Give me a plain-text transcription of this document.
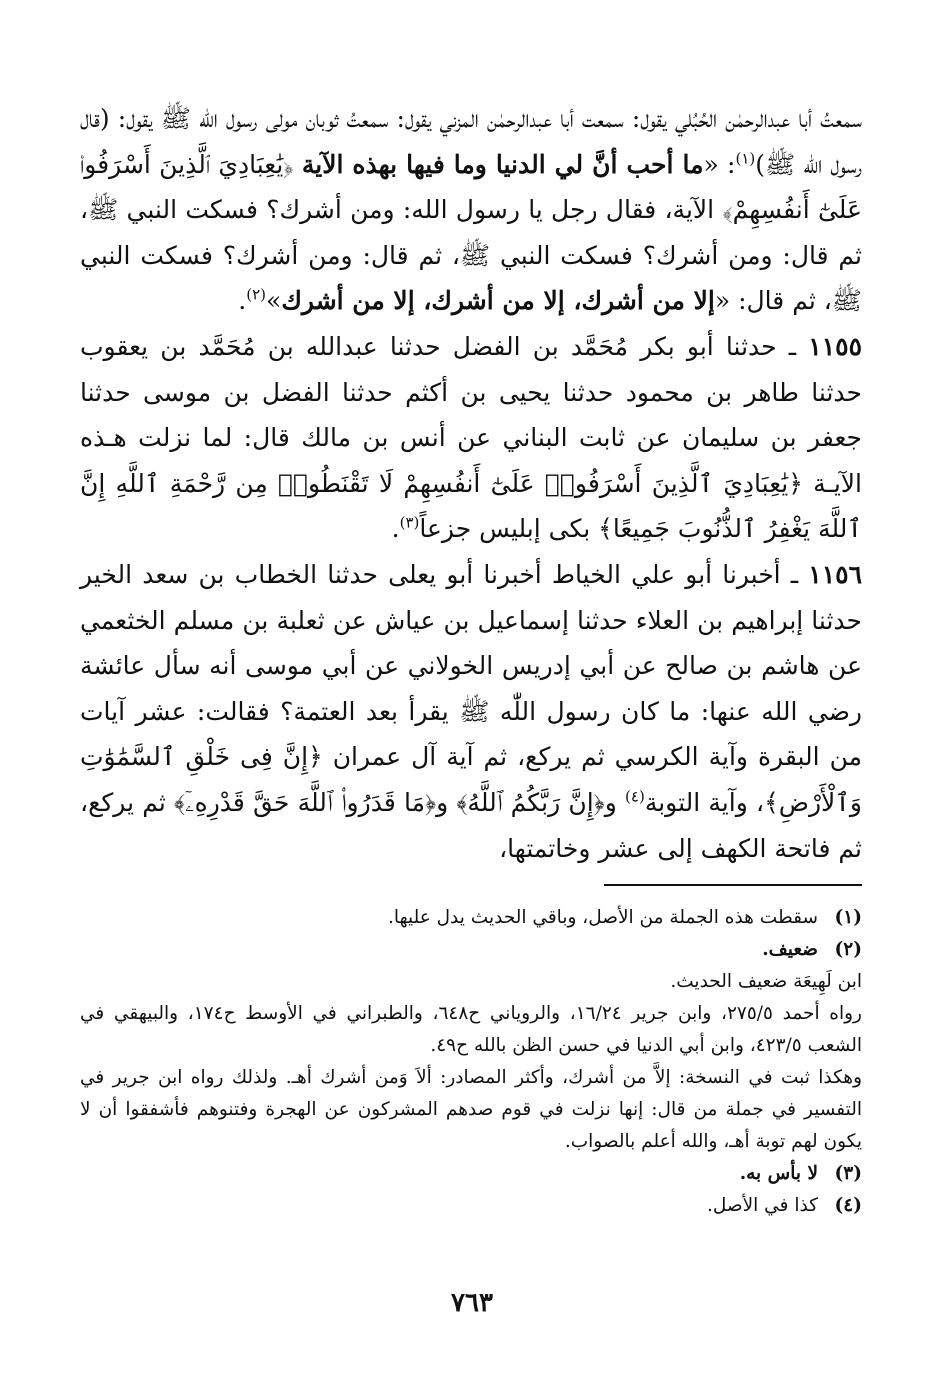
سمعتُ أبا عبدالرحمٰن الحُبُلي يقول: سمعت أبا عبدالرحمٰن المزني يقول: سمعتُ ثوبان مولى رسول اللّٰه ﷺ يقول: (قال رسول اللّٰه ﷺ)$^{(١)}$: «ما أحب أنَّ لي الدنيا وما فيها بهذه الآية ﴿يَٰعِبَادِيَ ٱلَّذِينَ أَسْرَفُوا۟ عَلَىٰٓ أَنفُسِهِمْ﴾ الآية، فقال رجل يا رسول الله: ومن أشرك؟ فسكت النبي ﷺ، ثم قال: ومن أشرك؟ فسكت النبي ﷺ، ثم قال: ومن أشرك؟ فسكت النبي ﷺ، ثم قال: «إلا من أشرك، إلا من أشرك، إلا من أشرك»$^{(٢)}$.

١١٥٥ ـ حدثنا أبو بكر مُحَمَّد بن الفضل حدثنا عبدالله بن مُحَمَّد بن يعقوب حدثنا طاهر بن محمود حدثنا يحيى بن أكثم حدثنا الفضل بن موسى حدثنا جعفر بن سليمان عن ثابت البناني عن أنس بن مالك قال: لما نزلت هـذه الآيـة ﴿يَٰعِبَادِيَ ٱلَّذِينَ أَسْرَفُوا۟ عَلَىٰٓ أَنفُسِهِمْ لَا تَقْنَطُوا۟ مِن رَّحْمَةِ ٱللَّهِ إِنَّ ٱللَّهَ يَغْفِرُ ٱلذُّنُوبَ جَمِيعًا﴾ بكى إبليس جزعاً$^{(٣)}$.

١١٥٦ ـ أخبرنا أبو علي الخياط أخبرنا أبو يعلى حدثنا الخطاب بن سعد الخير حدثنا إبراهيم بن العلاء حدثنا إسماعيل بن عياش عن ثعلبة بن مسلم الخثعمي عن هاشم بن صالح عن أبي إدريس الخولاني عن أبي موسى أنه سأل عائشة رضي الله عنها: ما كان رسول اللّٰه ﷺ يقرأ بعد العتمة؟ فقالت: عشر آيات من البقرة وآية الكرسي ثم يركع، ثم آية آل عمران ﴿إِنَّ فِى خَلْقِ ٱلسَّمَٰوَٰتِ وَٱلْأَرْضِ﴾، وآية التوبة$^{(٤)}$ و﴿إِنَّ رَبَّكُمُ ٱللَّهُ﴾ و﴿مَا قَدَرُوا۟ ٱللَّهَ حَقَّ قَدْرِهِۦٓ﴾ ثم يركع، ثم فاتحة الكهف إلى عشر وخاتمتها،

(١)
سقطت هذه الجملة من الأصل، وباقي الحديث يدل عليها.
(٢)
ضعيف.

ابن لَهِيعَة ضعيف الحديث.

رواه أحمد ٢٧٥/٥، وابن جرير ١٦/٢٤، والروياني ح٦٤٨، والطبراني في الأوسط ح١٧٤، والبيهقي في الشعب ٤٢٣/٥، وابن أبي الدنيا في حسن الظن بالله ح٤٩.

وهكذا ثبت في النسخة: إلاَّ من أشرك، وأكثر المصادر: ألاَ وَمن أشرك أهـ. ولذلك رواه ابن جرير في التفسير في جملة من قال: إنها نزلت في قوم صدهم المشركون عن الهجرة وفتنوهم فأشفقوا أن لا يكون لهم توبة أهـ، والله أعلم بالصواب.

(٣)
لا بأس به.
(٤)
كذا في الأصل.
٧٦٣
